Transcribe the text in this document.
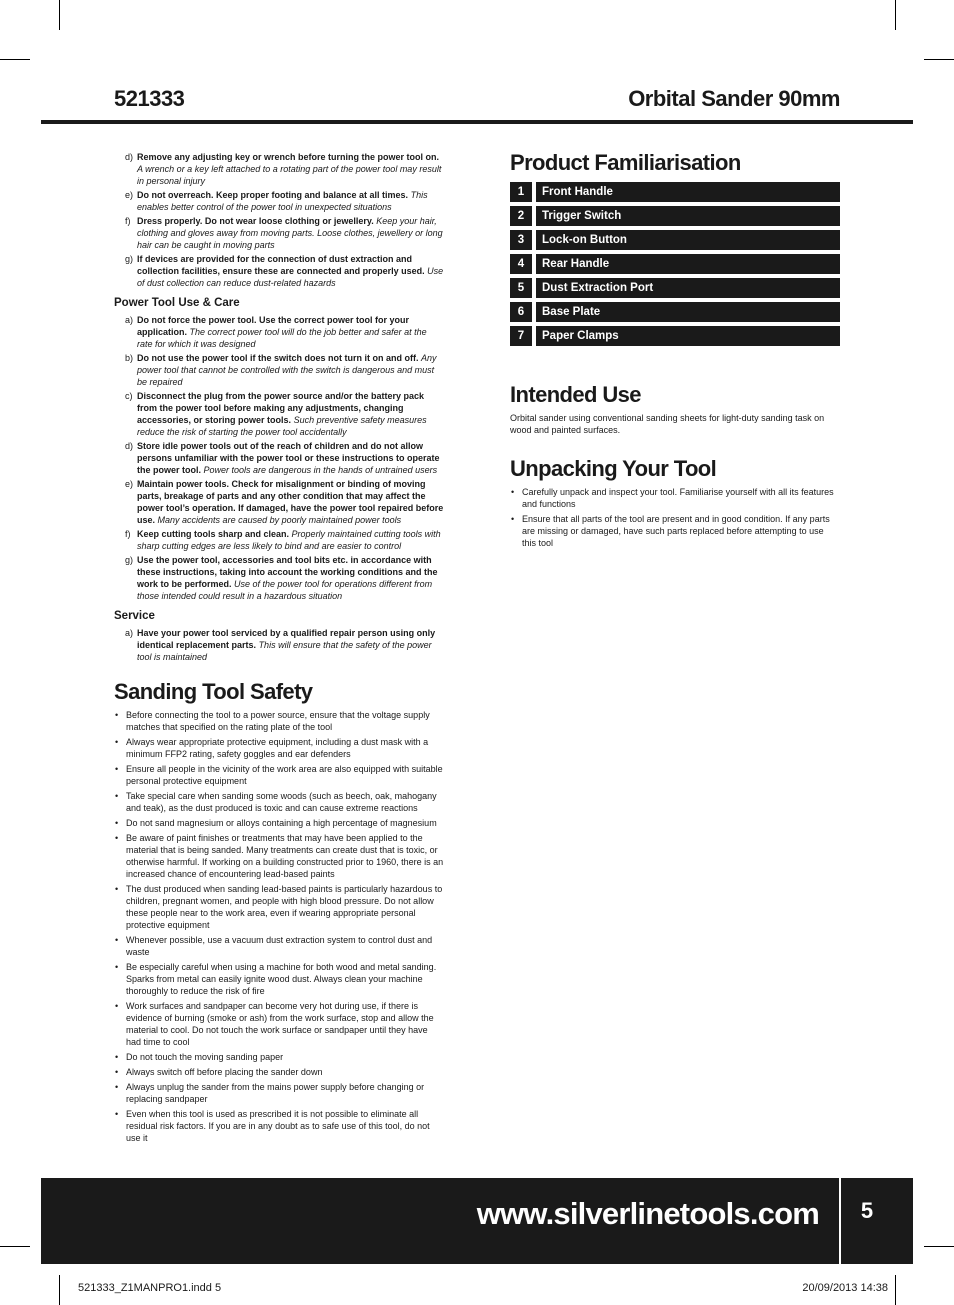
521333	Orbital Sander 90mm
d) Remove any adjusting key or wrench before turning the power tool on. A wrench or a key left attached to a rotating part of the power tool may result in personal injury
e) Do not overreach. Keep proper footing and balance at all times. This enables better control of the power tool in unexpected situations
f) Dress properly. Do not wear loose clothing or jewellery. Keep your hair, clothing and gloves away from moving parts. Loose clothes, jewellery or long hair can be caught in moving parts
g) If devices are provided for the connection of dust extraction and collection facilities, ensure these are connected and properly used. Use of dust collection can reduce dust-related hazards
Power Tool Use & Care
a) Do not force the power tool. Use the correct power tool for your application. The correct power tool will do the job better and safer at the rate for which it was designed
b) Do not use the power tool if the switch does not turn it on and off. Any power tool that cannot be controlled with the switch is dangerous and must be repaired
c) Disconnect the plug from the power source and/or the battery pack from the power tool before making any adjustments, changing accessories, or storing power tools. Such preventive safety measures reduce the risk of starting the power tool accidentally
d) Store idle power tools out of the reach of children and do not allow persons unfamiliar with the power tool or these instructions to operate the power tool. Power tools are dangerous in the hands of untrained users
e) Maintain power tools. Check for misalignment or binding of moving parts, breakage of parts and any other condition that may affect the power tool’s operation. If damaged, have the power tool repaired before use. Many accidents are caused by poorly maintained power tools
f) Keep cutting tools sharp and clean. Properly maintained cutting tools with sharp cutting edges are less likely to bind and are easier to control
g) Use the power tool, accessories and tool bits etc. in accordance with these instructions, taking into account the working conditions and the work to be performed. Use of the power tool for operations different from those intended could result in a hazardous situation
Service
a) Have your power tool serviced by a qualified repair person using only identical replacement parts. This will ensure that the safety of the power tool is maintained
Sanding Tool Safety
• Before connecting the tool to a power source, ensure that the voltage supply matches that specified on the rating plate of the tool
• Always wear appropriate protective equipment, including a dust mask with a minimum FFP2 rating, safety goggles and ear defenders
• Ensure all people in the vicinity of the work area are also equipped with suitable personal protective equipment
• Take special care when sanding some woods (such as beech, oak, mahogany and teak), as the dust produced is toxic and can cause extreme reactions
• Do not sand magnesium or alloys containing a high percentage of magnesium
• Be aware of paint finishes or treatments that may have been applied to the material that is being sanded. Many treatments can create dust that is toxic, or otherwise harmful. If working on a building constructed prior to 1960, there is an increased chance of encountering lead-based paints
• The dust produced when sanding lead-based paints is particularly hazardous to children, pregnant women, and people with high blood pressure. Do not allow these people near to the work area, even if wearing appropriate personal protective equipment
• Whenever possible, use a vacuum dust extraction system to control dust and waste
• Be especially careful when using a machine for both wood and metal sanding. Sparks from metal can easily ignite wood dust. Always clean your machine thoroughly to reduce the risk of fire
• Work surfaces and sandpaper can become very hot during use, if there is evidence of burning (smoke or ash) from the work surface, stop and allow the material to cool. Do not touch the work surface or sandpaper until they have had time to cool
• Do not touch the moving sanding paper
• Always switch off before placing the sander down
• Always unplug the sander from the mains power supply before changing or replacing sandpaper
• Even when this tool is used as prescribed it is not possible to eliminate all residual risk factors. If you are in any doubt as to safe use of this tool, do not use it
Product Familiarisation
1	Front Handle
2	Trigger Switch
3	Lock-on Button
4	Rear Handle
5	Dust Extraction Port
6	Base Plate
7	Paper Clamps
Intended Use

Orbital sander using conventional sanding sheets for light-duty sanding task on wood and painted surfaces.

Unpacking Your Tool
• Carefully unpack and inspect your tool. Familiarise yourself with all its features and functions
• Ensure that all parts of the tool are present and in good condition. If any parts are missing or damaged, have such parts replaced before attempting to use this tool
www.silverlinetools.com	5
521333_Z1MANPRO1.indd 5	20/09/2013 14:38
